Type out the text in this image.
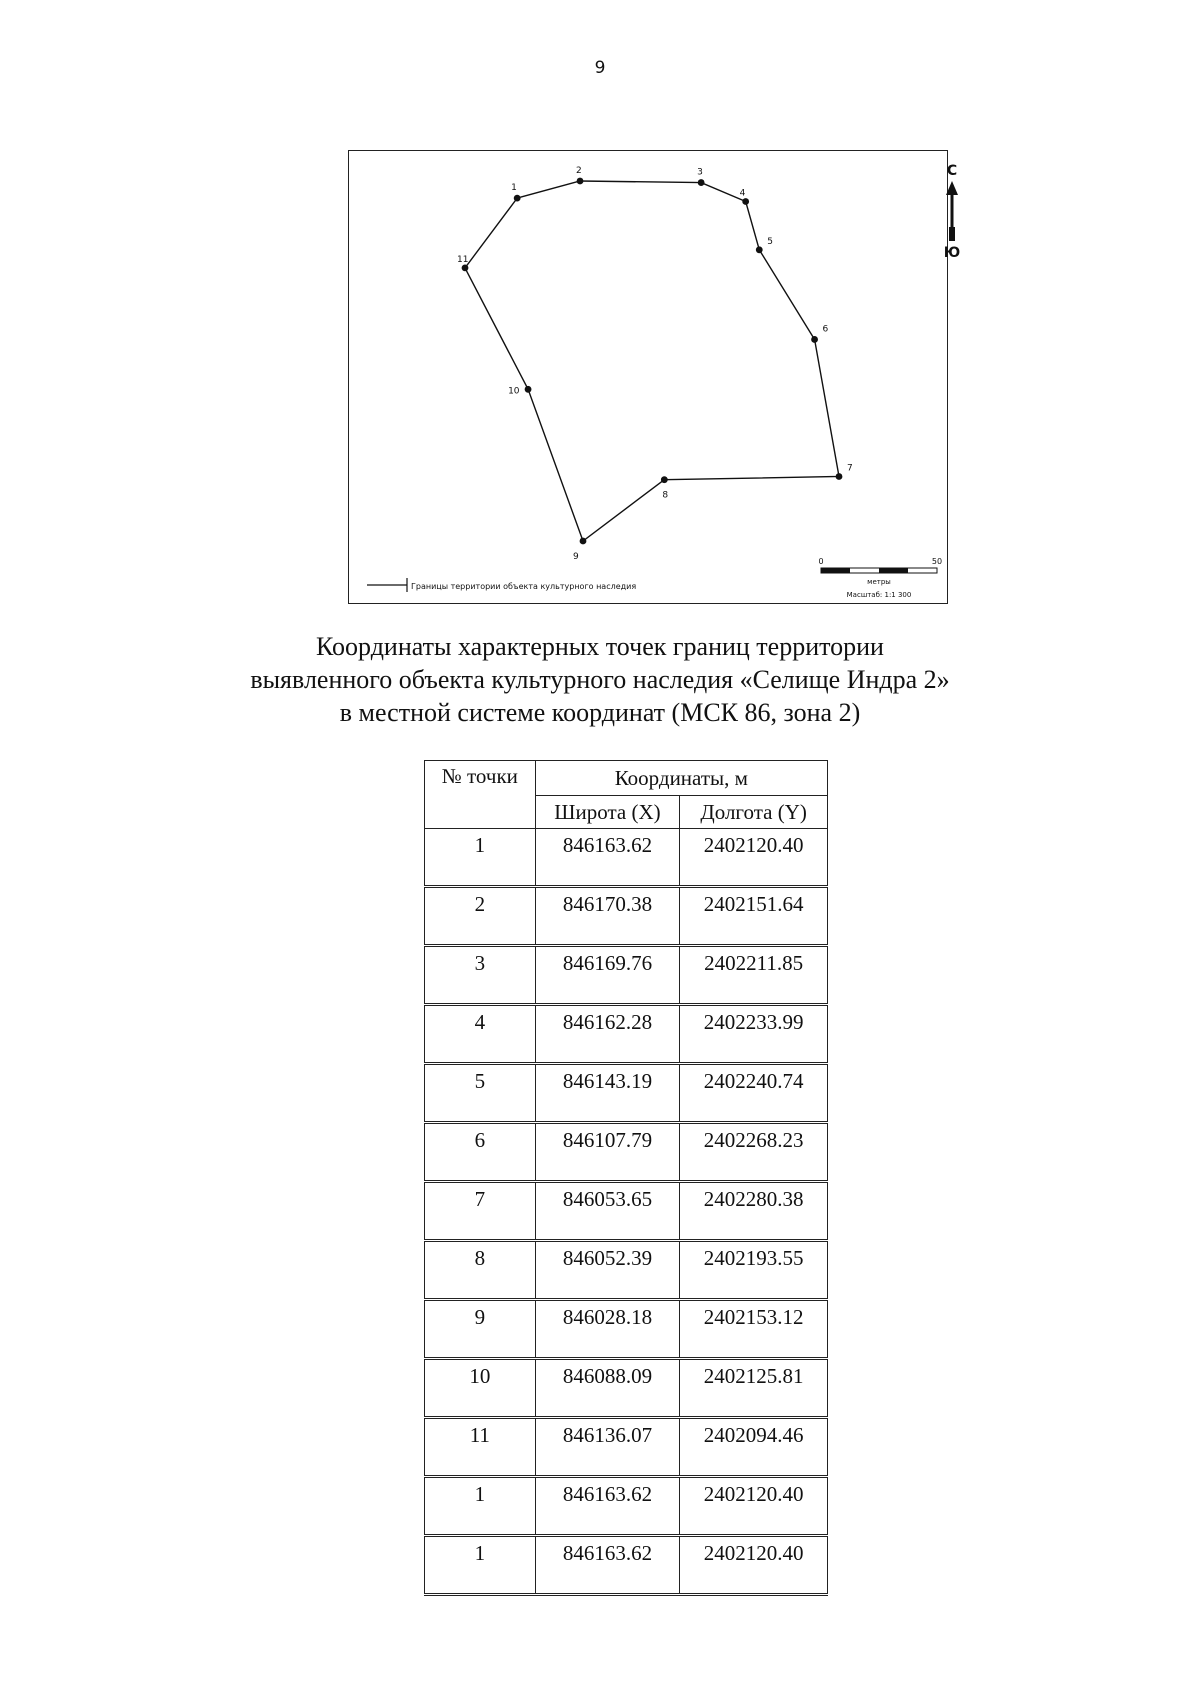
9
1
2	3
4
5
6
7
8
9
10
11
С
Ю
Границы территории объекта культурного наследия
0	50
метры
Масштаб: 1:1 300
Координаты характерных точек границ территории
выявленного объекта культурного наследия «Селище Индра 2»
в местной системе координат (МСК 86, зона 2)
№ точки	Координаты, м	
	Широта (X)	Долгота (Y)
1	846163.62	2402120.40
2	846170.38	2402151.64
3	846169.76	2402211.85
4	846162.28	2402233.99
5	846143.19	2402240.74
6	846107.79	2402268.23
7	846053.65	2402280.38
8	846052.39	2402193.55
9	846028.18	2402153.12
10	846088.09	2402125.81
11	846136.07	2402094.46
1	846163.62	2402120.40
1	846163.62	2402120.40
